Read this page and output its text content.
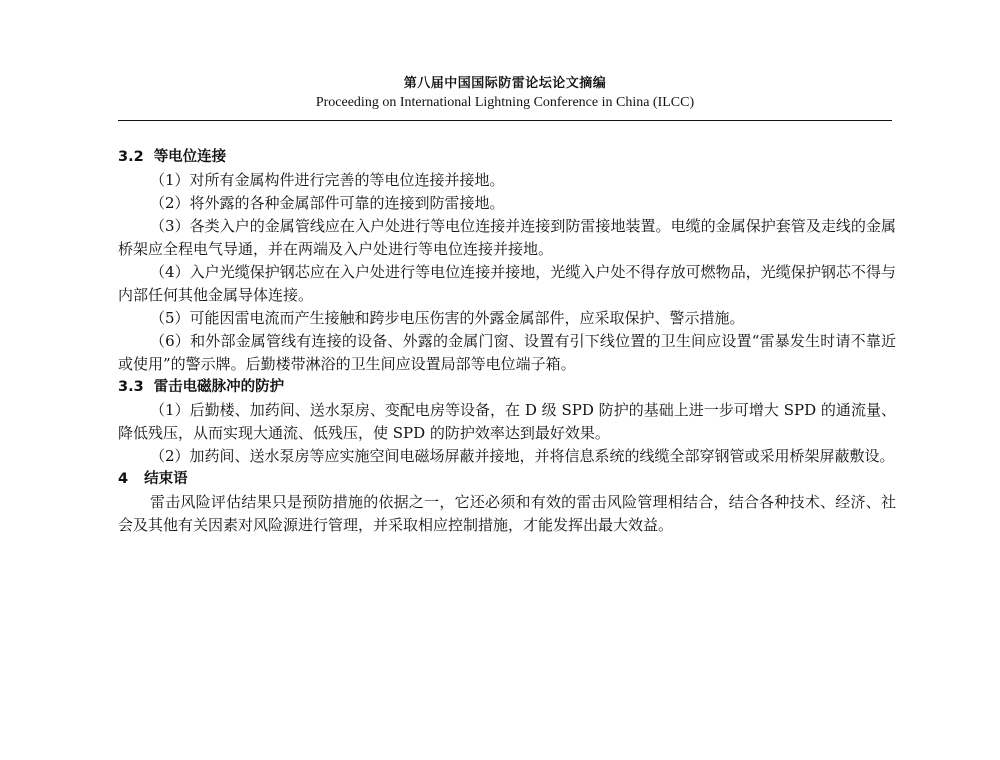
第八届中国国际防雷论坛论文摘编
Proceeding on International Lightning Conference in China (ILCC)
3.2 等电位连接

（1）对所有金属构件进行完善的等电位连接并接地。

（2）将外露的各种金属部件可靠的连接到防雷接地。

（3）各类入户的金属管线应在入户处进行等电位连接并连接到防雷接地装置。电缆的金属保护套管及走线的金属桥架应全程电气导通，并在两端及入户处进行等电位连接并接地。

（4）入户光缆保护钢芯应在入户处进行等电位连接并接地，光缆入户处不得存放可燃物品，光缆保护钢芯不得与内部任何其他金属导体连接。

（5）可能因雷电流而产生接触和跨步电压伤害的外露金属部件，应采取保护、警示措施。

（6）和外部金属管线有连接的设备、外露的金属门窗、设置有引下线位置的卫生间应设置“雷暴发生时请不靠近或使用”的警示牌。后勤楼带淋浴的卫生间应设置局部等电位端子箱。

3.3 雷击电磁脉冲的防护

（1）后勤楼、加药间、送水泵房、变配电房等设备，在 D 级 SPD 防护的基础上进一步可增大 SPD 的通流量、降低残压，从而实现大通流、低残压，使 SPD 的防护效率达到最好效果。

（2）加药间、送水泵房等应实施空间电磁场屏蔽并接地，并将信息系统的线缆全部穿钢管或采用桥架屏蔽敷设。

4 结束语

雷击风险评估结果只是预防措施的依据之一，它还必须和有效的雷击风险管理相结合，结合各种技术、经济、社会及其他有关因素对风险源进行管理，并采取相应控制措施，才能发挥出最大效益。
